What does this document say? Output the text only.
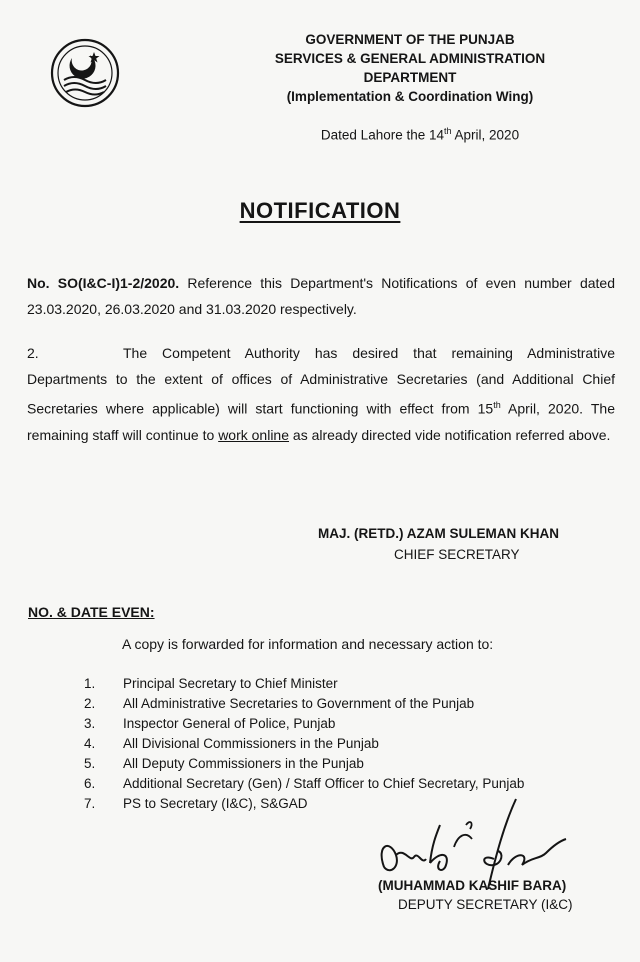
GOVERNMENT OF THE PUNJAB
SERVICES & GENERAL ADMINISTRATION
DEPARTMENT
(Implementation & Coordination Wing)
Dated Lahore the 14th April, 2020
NOTIFICATION
No. SO(I&C-I)1-2/2020. Reference this Department's Notifications of even number dated 23.03.2020, 26.03.2020 and 31.03.2020 respectively.
2.	The Competent Authority has desired that remaining Administrative Departments to the extent of offices of Administrative Secretaries (and Additional Chief Secretaries where applicable) will start functioning with effect from 15th April, 2020. The remaining staff will continue to work online as already directed vide notification referred above.
MAJ. (RETD.) AZAM SULEMAN KHAN
CHIEF SECRETARY
NO. & DATE EVEN:
A copy is forwarded for information and necessary action to:
1.	Principal Secretary to Chief Minister
2.	All Administrative Secretaries to Government of the Punjab
3.	Inspector General of Police, Punjab
4.	All Divisional Commissioners in the Punjab
5.	All Deputy Commissioners in the Punjab
6.	Additional Secretary (Gen) / Staff Officer to Chief Secretary, Punjab
7.	PS to Secretary (I&C), S&GAD
(MUHAMMAD KASHIF BARA)
DEPUTY SECRETARY (I&C)
